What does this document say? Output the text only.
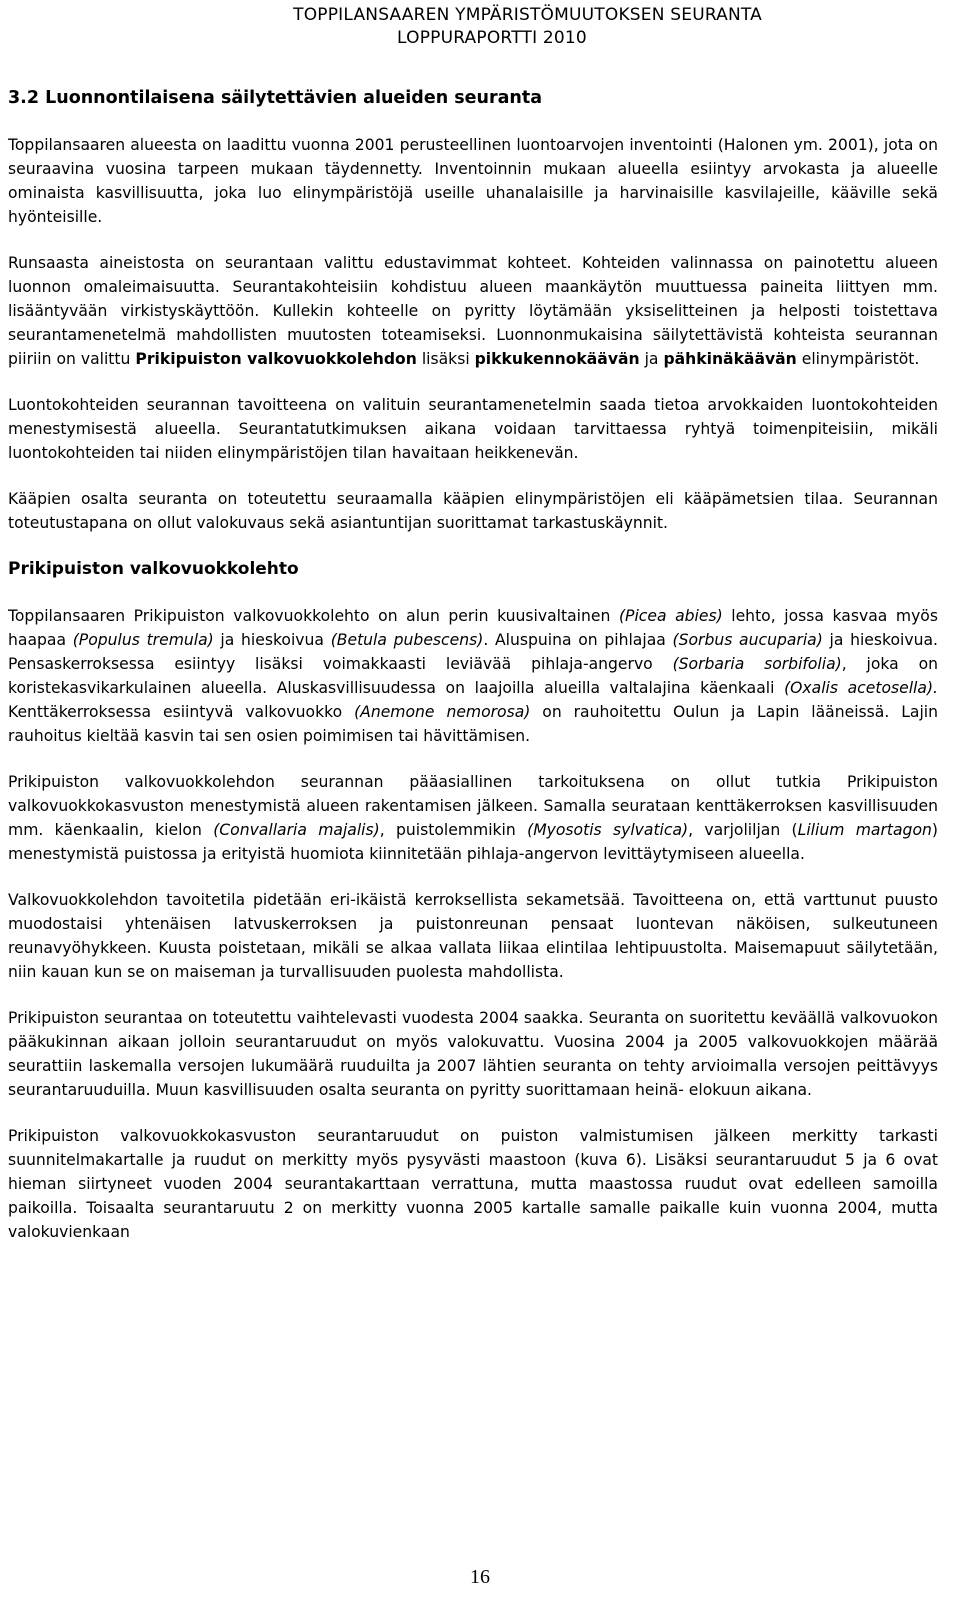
TOPPILANSAAREN YMPÄRISTÖMUUTOKSEN SEURANTA
LOPPURAPORTTI 2010
3.2 Luonnontilaisena säilytettävien alueiden seuranta

Toppilansaaren alueesta on laadittu vuonna 2001 perusteellinen luontoarvojen inventointi (Halonen ym. 2001), jota on seuraavina vuosina tarpeen mukaan täydennetty. Inventoinnin mukaan alueella esiintyy arvokasta ja alueelle ominaista kasvillisuutta, joka luo elinympäristöjä useille uhanalaisille ja harvinaisille kasvilajeille, kääville sekä hyönteisille.

Runsaasta aineistosta on seurantaan valittu edustavimmat kohteet. Kohteiden valinnassa on painotettu alueen luonnon omaleimaisuutta. Seurantakohteisiin kohdistuu alueen maankäytön muuttuessa paineita liittyen mm. lisääntyvään virkistyskäyttöön. Kullekin kohteelle on pyritty löytämään yksiselitteinen ja helposti toistettava seurantamenetelmä mahdollisten muutosten toteamiseksi. Luonnonmukaisina säilytettävistä kohteista seurannan piiriin on valittu Prikipuiston valkovuokkolehdon lisäksi pikkukennokäävän ja pähkinäkäävän elinympäristöt.

Luontokohteiden seurannan tavoitteena on valituin seurantamenetelmin saada tietoa arvokkaiden luontokohteiden menestymisestä alueella. Seurantatutkimuksen aikana voidaan tarvittaessa ryhtyä toimenpiteisiin, mikäli luontokohteiden tai niiden elinympäristöjen tilan havaitaan heikkenevän.

Kääpien osalta seuranta on toteutettu seuraamalla kääpien elinympäristöjen eli kääpämetsien tilaa. Seurannan toteutustapana on ollut valokuvaus sekä asiantuntijan suorittamat tarkastuskäynnit.

Prikipuiston valkovuokkolehto

Toppilansaaren Prikipuiston valkovuokkolehto on alun perin kuusivaltainen (Picea abies) lehto, jossa kasvaa myös haapaa (Populus tremula) ja hieskoivua (Betula pubescens). Aluspuina on pihlajaa (Sorbus aucuparia) ja hieskoivua. Pensaskerroksessa esiintyy lisäksi voimakkaasti leviävää pihlaja-angervo (Sorbaria sorbifolia), joka on koristekasvikarkulainen alueella. Aluskasvillisuudessa on laajoilla alueilla valtalajina käenkaali (Oxalis acetosella). Kenttäkerroksessa esiintyvä valkovuokko (Anemone nemorosa) on rauhoitettu Oulun ja Lapin lääneissä. Lajin rauhoitus kieltää kasvin tai sen osien poimimisen tai hävittämisen.

Prikipuiston valkovuokkolehdon seurannan pääasiallinen tarkoituksena on ollut tutkia Prikipuiston valkovuokkokasvuston menestymistä alueen rakentamisen jälkeen. Samalla seurataan kenttäkerroksen kasvillisuuden mm. käenkaalin, kielon (Convallaria majalis), puistolemmikin (Myosotis sylvatica), varjoliljan (Lilium martagon) menestymistä puistossa ja erityistä huomiota kiinnitetään pihlaja-angervon levittäytymiseen alueella.

Valkovuokkolehdon tavoitetila pidetään eri-ikäistä kerroksellista sekametsää. Tavoitteena on, että varttunut puusto muodostaisi yhtenäisen latvuskerroksen ja puistonreunan pensaat luontevan näköisen, sulkeutuneen reunavyöhykkeen. Kuusta poistetaan, mikäli se alkaa vallata liikaa elintilaa lehtipuustolta. Maisemapuut säilytetään, niin kauan kun se on maiseman ja turvallisuuden puolesta mahdollista.

Prikipuiston seurantaa on toteutettu vaihtelevasti vuodesta 2004 saakka. Seuranta on suoritettu keväällä valkovuokon pääkukinnan aikaan jolloin seurantaruudut on myös valokuvattu. Vuosina 2004 ja 2005 valkovuokkojen määrää seurattiin laskemalla versojen lukumäärä ruuduilta ja 2007 lähtien seuranta on tehty arvioimalla versojen peittävyys seurantaruuduilla. Muun kasvillisuuden osalta seuranta on pyritty suorittamaan heinä- elokuun aikana.

Prikipuiston valkovuokkokasvuston seurantaruudut on puiston valmistumisen jälkeen merkitty tarkasti suunnitelmakartalle ja ruudut on merkitty myös pysyvästi maastoon (kuva 6). Lisäksi seurantaruudut 5 ja 6 ovat hieman siirtyneet vuoden 2004 seurantakarttaan verrattuna, mutta maastossa ruudut ovat edelleen samoilla paikoilla. Toisaalta seurantaruutu 2 on merkitty vuonna 2005 kartalle samalle paikalle kuin vuonna 2004, mutta valokuvienkaan

16
